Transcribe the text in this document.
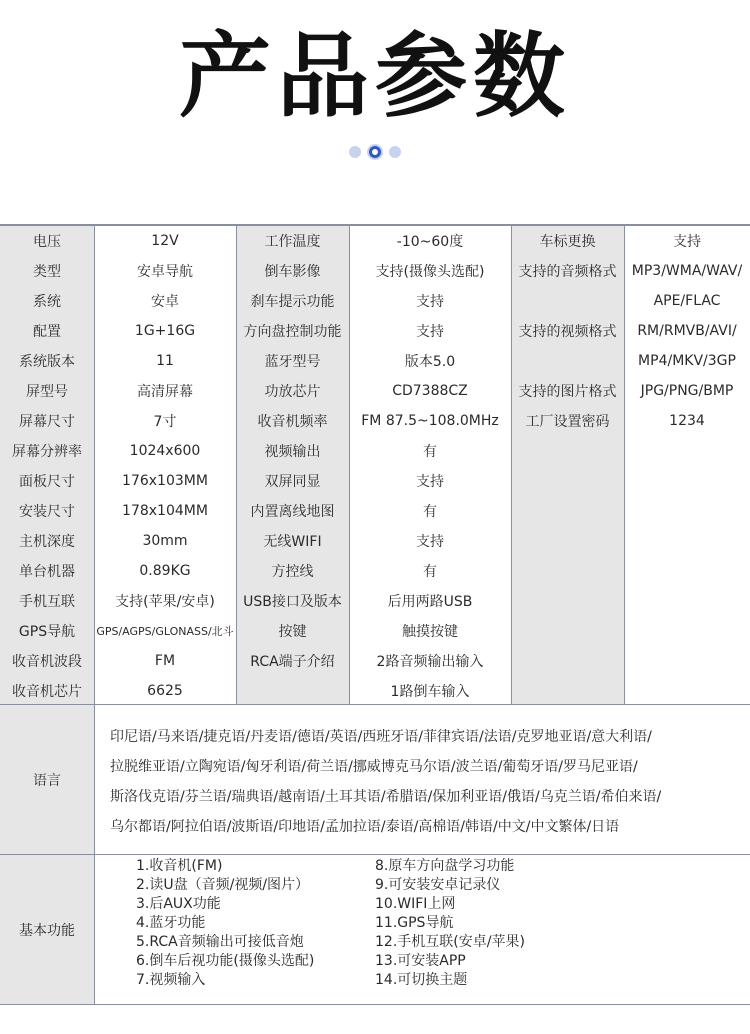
产品参数
电压
类型
系统
配置
系统版本
屏型号
屏幕尺寸
屏幕分辨率
面板尺寸
安装尺寸
主机深度
单台机器
手机互联
GPS导航
收音机波段
收音机芯片
12V
安卓导航
安卓
1G+16G
11
高清屏幕
7寸
1024x600
176x103MM
178x104MM
30mm
0.89KG
支持(苹果/安卓)
GPS/AGPS/GLONASS/北斗
FM
6625
工作温度
倒车影像
刹车提示功能
方向盘控制功能
蓝牙型号
功放芯片
收音机频率
视频输出
双屏同显
内置离线地图
无线WIFI
方控线
USB接口及版本
按键
RCA端子介绍
-10~60度
支持(摄像头选配)
支持
支持
版本5.0
CD7388CZ
FM 87.5~108.0MHz
有
支持
有
支持
有
后用两路USB
触摸按键
2路音频输出输入
1路倒车输入
车标更换
支持的音频格式
支持的视频格式
支持的图片格式
工厂设置密码
支持
MP3/WMA/WAV/
APE/FLAC
RM/RMVB/AVI/
MP4/MKV/3GP
JPG/PNG/BMP
1234
语言
印尼语/马来语/捷克语/丹麦语/德语/英语/西班牙语/菲律宾语/法语/克罗地亚语/意大利语/
拉脱维亚语/立陶宛语/匈牙利语/荷兰语/挪威博克马尔语/波兰语/葡萄牙语/罗马尼亚语/
斯洛伐克语/芬兰语/瑞典语/越南语/土耳其语/希腊语/保加利亚语/俄语/乌克兰语/希伯来语/
乌尔都语/阿拉伯语/波斯语/印地语/孟加拉语/泰语/高棉语/韩语/中文/中文繁体/日语
基本功能
1.收音机(FM)
2.读U盘（音频/视频/图片）
3.后AUX功能
4.蓝牙功能
5.RCA音频输出可接低音炮
6.倒车后视功能(摄像头选配)
7.视频输入
8.原车方向盘学习功能
9.可安装安卓记录仪
10.WIFI上网
11.GPS导航
12.手机互联(安卓/苹果)
13.可安装APP
14.可切换主题
